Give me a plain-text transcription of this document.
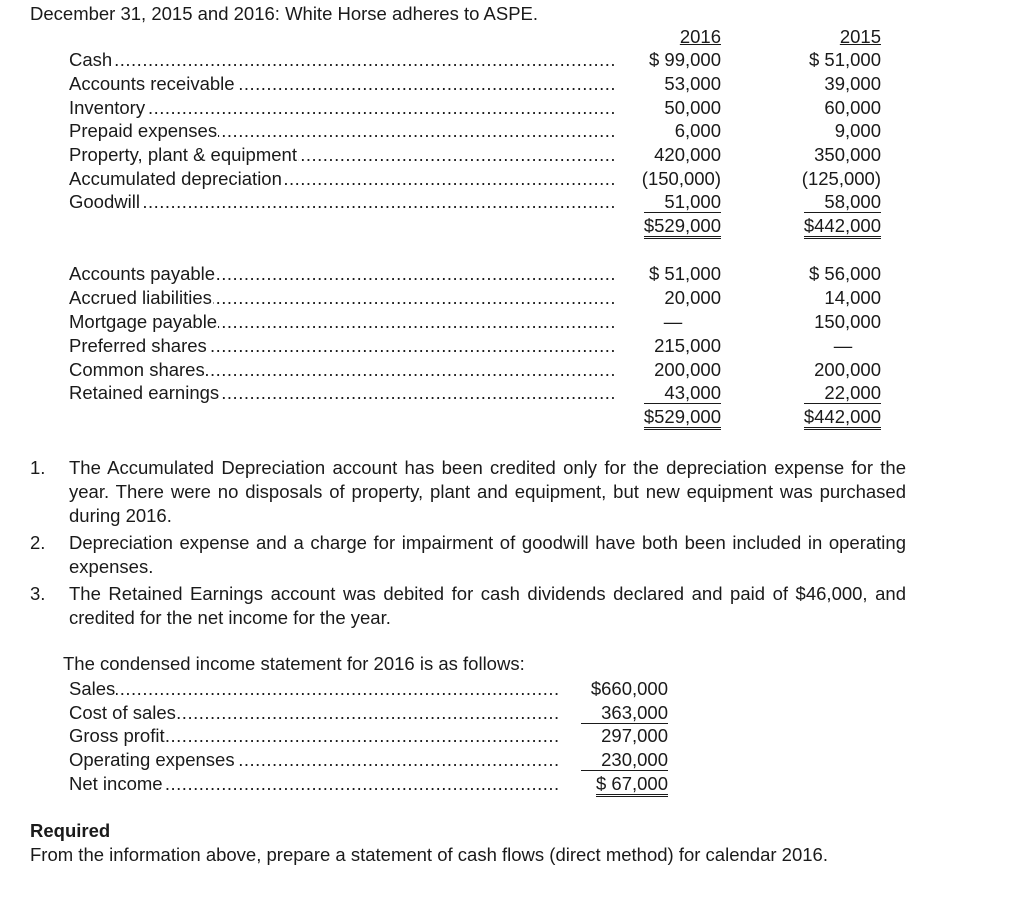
December 31, 2015 and 2016: White Horse adheres to ASPE.
2016	2015
Cash .....	$ 99,000	$ 51,000
Accounts receivable .....	53,000	39,000
Inventory .....	50,000	60,000
Prepaid expenses .....	6,000	9,000
Property, plant & equipment .....	420,000	350,000
Accumulated depreciation .....	(150,000)	(125,000)
Goodwill .....	51,000	58,000
$529,000	$442,000
Accounts payable .....	$ 51,000	$ 56,000
Accrued liabilities .....	20,000	14,000
Mortgage payable .....	—	150,000
Preferred shares .....	215,000	—
Common shares .....	200,000	200,000
Retained earnings .....	43,000	22,000
$529,000	$442,000
1.	The Accumulated Depreciation account has been credited only for the depreciation expense for the year. There were no disposals of property, plant and equipment, but new equipment was purchased during 2016.
2.	Depreciation expense and a charge for impairment of goodwill have both been included in operating expenses.
3.	The Retained Earnings account was debited for cash dividends declared and paid of $46,000, and credited for the net income for the year.
The condensed income statement for 2016 is as follows:
Sales .....	$660,000
Cost of sales .....	363,000
Gross profit .....	297,000
Operating expenses .....	230,000
Net income .....	$ 67,000
Required
From the information above, prepare a statement of cash flows (direct method) for calendar 2016.
